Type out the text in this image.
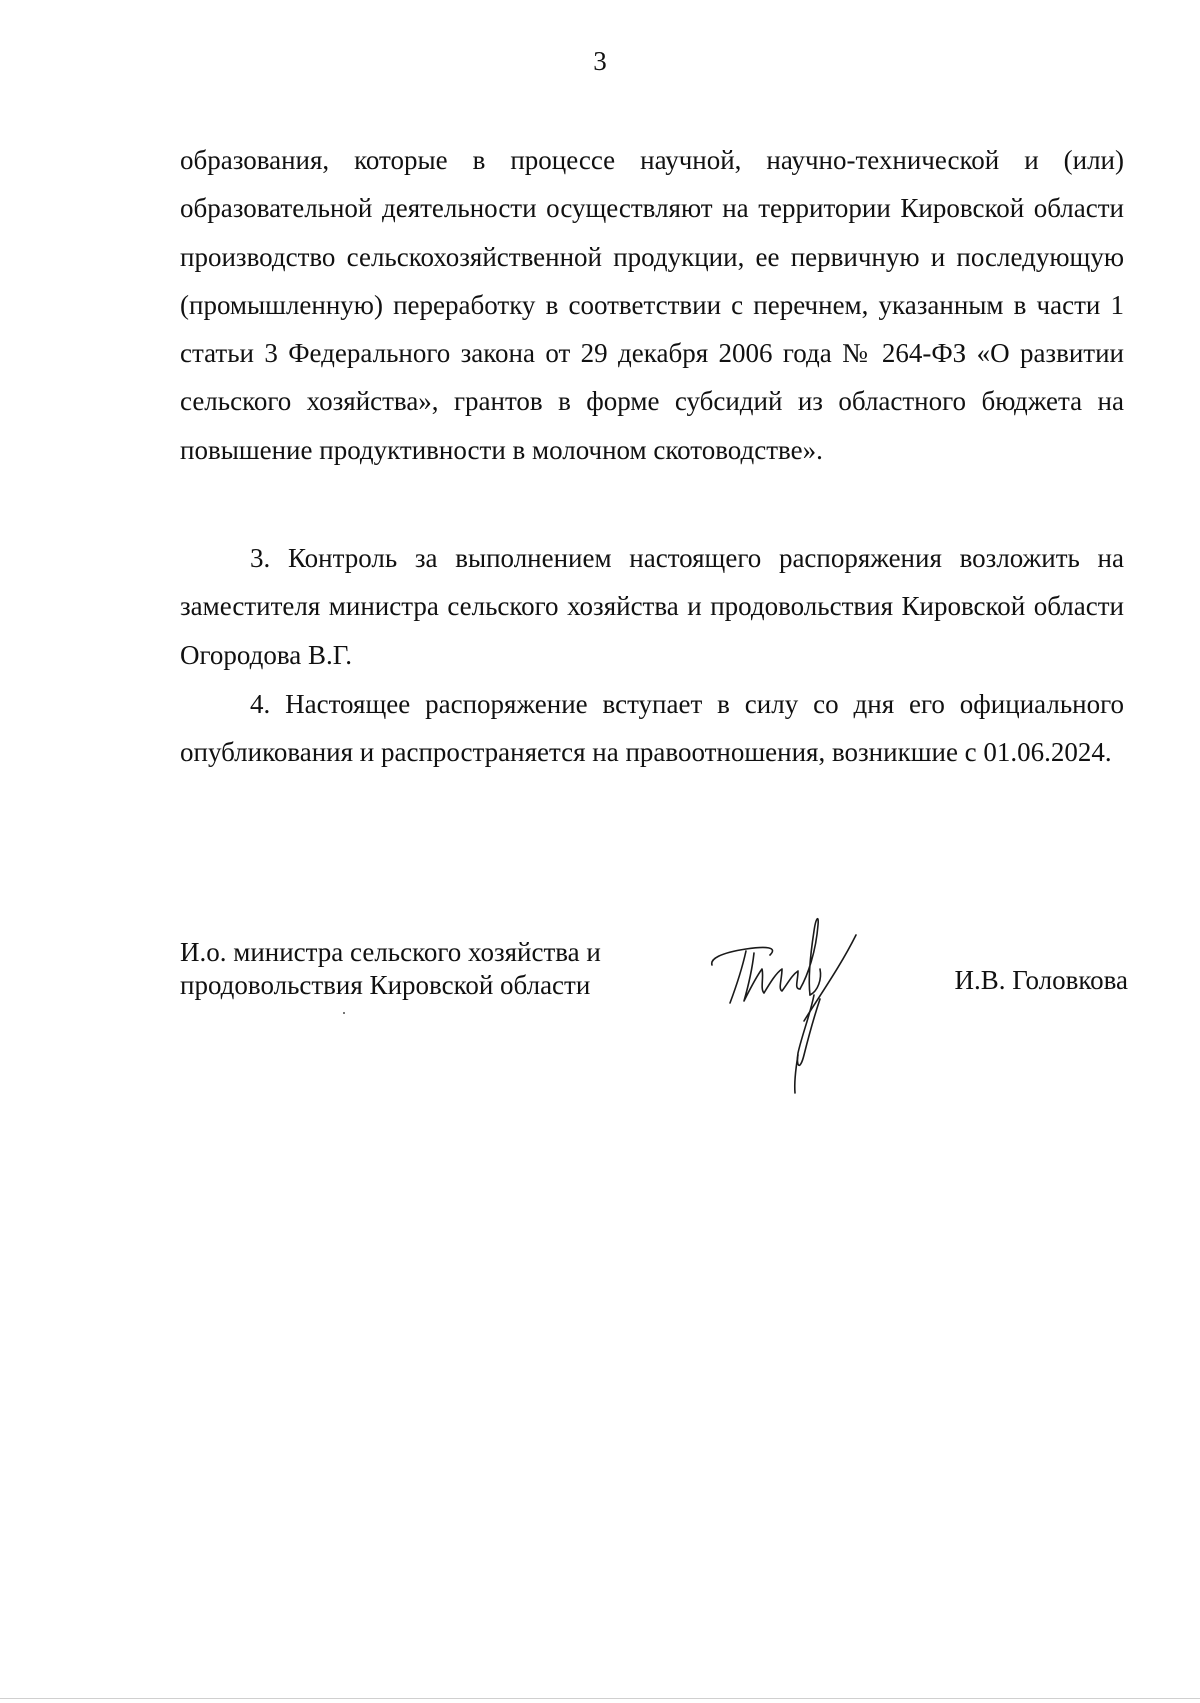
3
образования, которые в процессе научной, научно-технической и (или) образовательной деятельности осуществляют на территории Кировской области производство сельскохозяйственной продукции, ее первичную и последующую (промышленную) переработку в соответствии с перечнем, указанным в части 1 статьи 3 Федерального закона от 29 декабря 2006 года № 264-ФЗ «О развитии сельского хозяйства», грантов в форме субсидий из областного бюджета на повышение продуктивности в молочном скотоводстве».
3. Контроль за выполнением настоящего распоряжения возложить на заместителя министра сельского хозяйства и продовольствия Кировской области Огородова В.Г.
4. Настоящее распоряжение вступает в силу со дня его официального опубликования и распространяется на правоотношения, возникшие с 01.06.2024.
И.о. министра сельского хозяйства и
продовольствия Кировской области	И.В. Головкова
